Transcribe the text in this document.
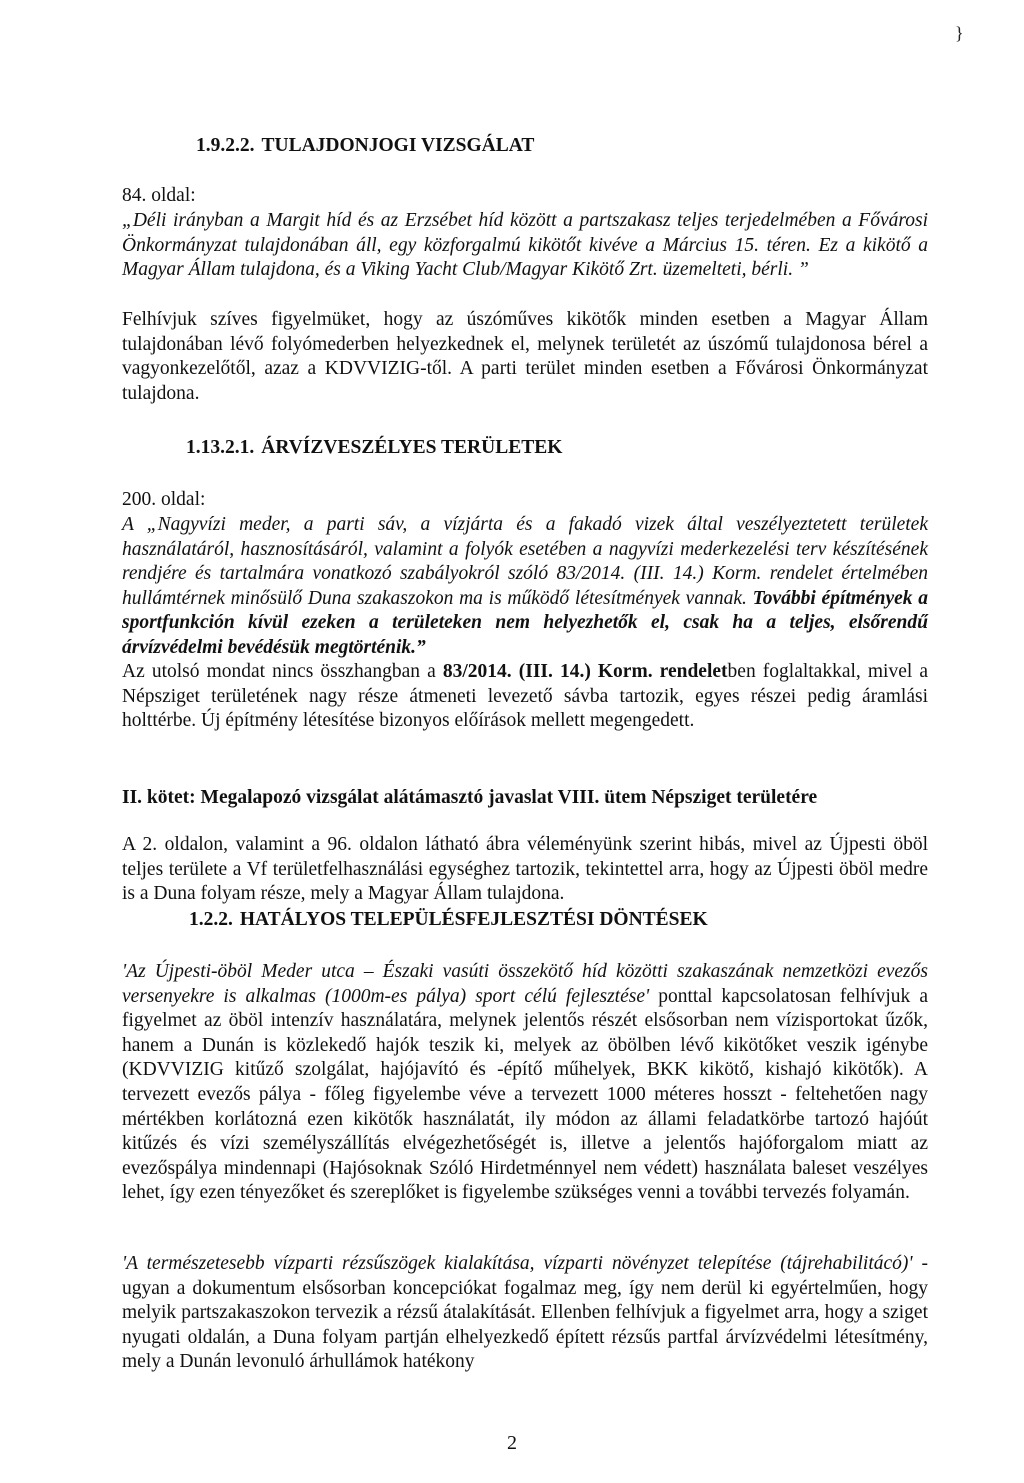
}
1.9.2.2. TULAJDONJOGI VIZSGÁLAT
84. oldal:
„Déli irányban a Margit híd és az Erzsébet híd között a partszakasz teljes terjedelmében a Fővárosi Önkormányzat tulajdonában áll, egy közforgalmú kikötőt kivéve a Március 15. téren. Ez a kikötő a Magyar Állam tulajdona, és a Viking Yacht Club/Magyar Kikötő Zrt. üzemelteti, bérli. ”
Felhívjuk szíves figyelmüket, hogy az úszóműves kikötők minden esetben a Magyar Állam tulajdonában lévő folyómederben helyezkednek el, melynek területét az úszómű tulajdonosa bérel a vagyonkezelőtől, azaz a KDVVIZIG-től. A parti terület minden esetben a Fővárosi Önkormányzat tulajdona.
1.13.2.1. ÁRVÍZVESZÉLYES TERÜLETEK
200. oldal:
A „Nagyvízi meder, a parti sáv, a vízjárta és a fakadó vizek által veszélyeztetett területek használatáról, hasznosításáról, valamint a folyók esetében a nagyvízi mederkezelési terv készítésének rendjére és tartalmára vonatkozó szabályokról szóló 83/2014. (III. 14.) Korm. rendelet értelmében hullámtérnek minősülő Duna szakaszokon ma is működő létesítmények vannak. További építmények a sportfunkción kívül ezeken a területeken nem helyezhetők el, csak ha a teljes, elsőrendű árvízvédelmi bevédésük megtörténik.”
Az utolsó mondat nincs összhangban a 83/2014. (III. 14.) Korm. rendeletben foglaltakkal, mivel a Népsziget területének nagy része átmeneti levezető sávba tartozik, egyes részei pedig áramlási holttérbe. Új építmény létesítése bizonyos előírások mellett megengedett.
II. kötet: Megalapozó vizsgálat alátámasztó javaslat VIII. ütem Népsziget területére
A 2. oldalon, valamint a 96. oldalon látható ábra véleményünk szerint hibás, mivel az Újpesti öböl teljes területe a Vf területfelhasználási egységhez tartozik, tekintettel arra, hogy az Újpesti öböl medre is a Duna folyam része, mely a Magyar Állam tulajdona.
1.2.2. HATÁLYOS TELEPÜLÉSFEJLESZTÉSI DÖNTÉSEK
'Az Újpesti-öböl Meder utca – Északi vasúti összekötő híd közötti szakaszának nemzetközi evezős versenyekre is alkalmas (1000m-es pálya) sport célú fejlesztése' ponttal kapcsolatosan felhívjuk a figyelmet az öböl intenzív használatára, melynek jelentős részét elsősorban nem vízisportokat űzők, hanem a Dunán is közlekedő hajók teszik ki, melyek az öbölben lévő kikötőket veszik igénybe (KDVVIZIG kitűző szolgálat, hajójavító és -építő műhelyek, BKK kikötő, kishajó kikötők). A tervezett evezős pálya - főleg figyelembe véve a tervezett 1000 méteres hosszt - feltehetően nagy mértékben korlátozná ezen kikötők használatát, ily módon az állami feladatkörbe tartozó hajóút kitűzés és vízi személyszállítás elvégezhetőségét is, illetve a jelentős hajóforgalom miatt az evezőspálya mindennapi (Hajósoknak Szóló Hirdetménnyel nem védett) használata baleset veszélyes lehet, így ezen tényezőket és szereplőket is figyelembe szükséges venni a további tervezés folyamán.
'A természetesebb vízparti rézsűszögek kialakítása, vízparti növényzet telepítése (tájrehabilitácó)' - ugyan a dokumentum elsősorban koncepciókat fogalmaz meg, így nem derül ki egyértelműen, hogy melyik partszakaszokon tervezik a rézsű átalakítását. Ellenben felhívjuk a figyelmet arra, hogy a sziget nyugati oldalán, a Duna folyam partján elhelyezkedő épített rézsűs partfal árvízvédelmi létesítmény, mely a Dunán levonuló árhullámok hatékony
2
